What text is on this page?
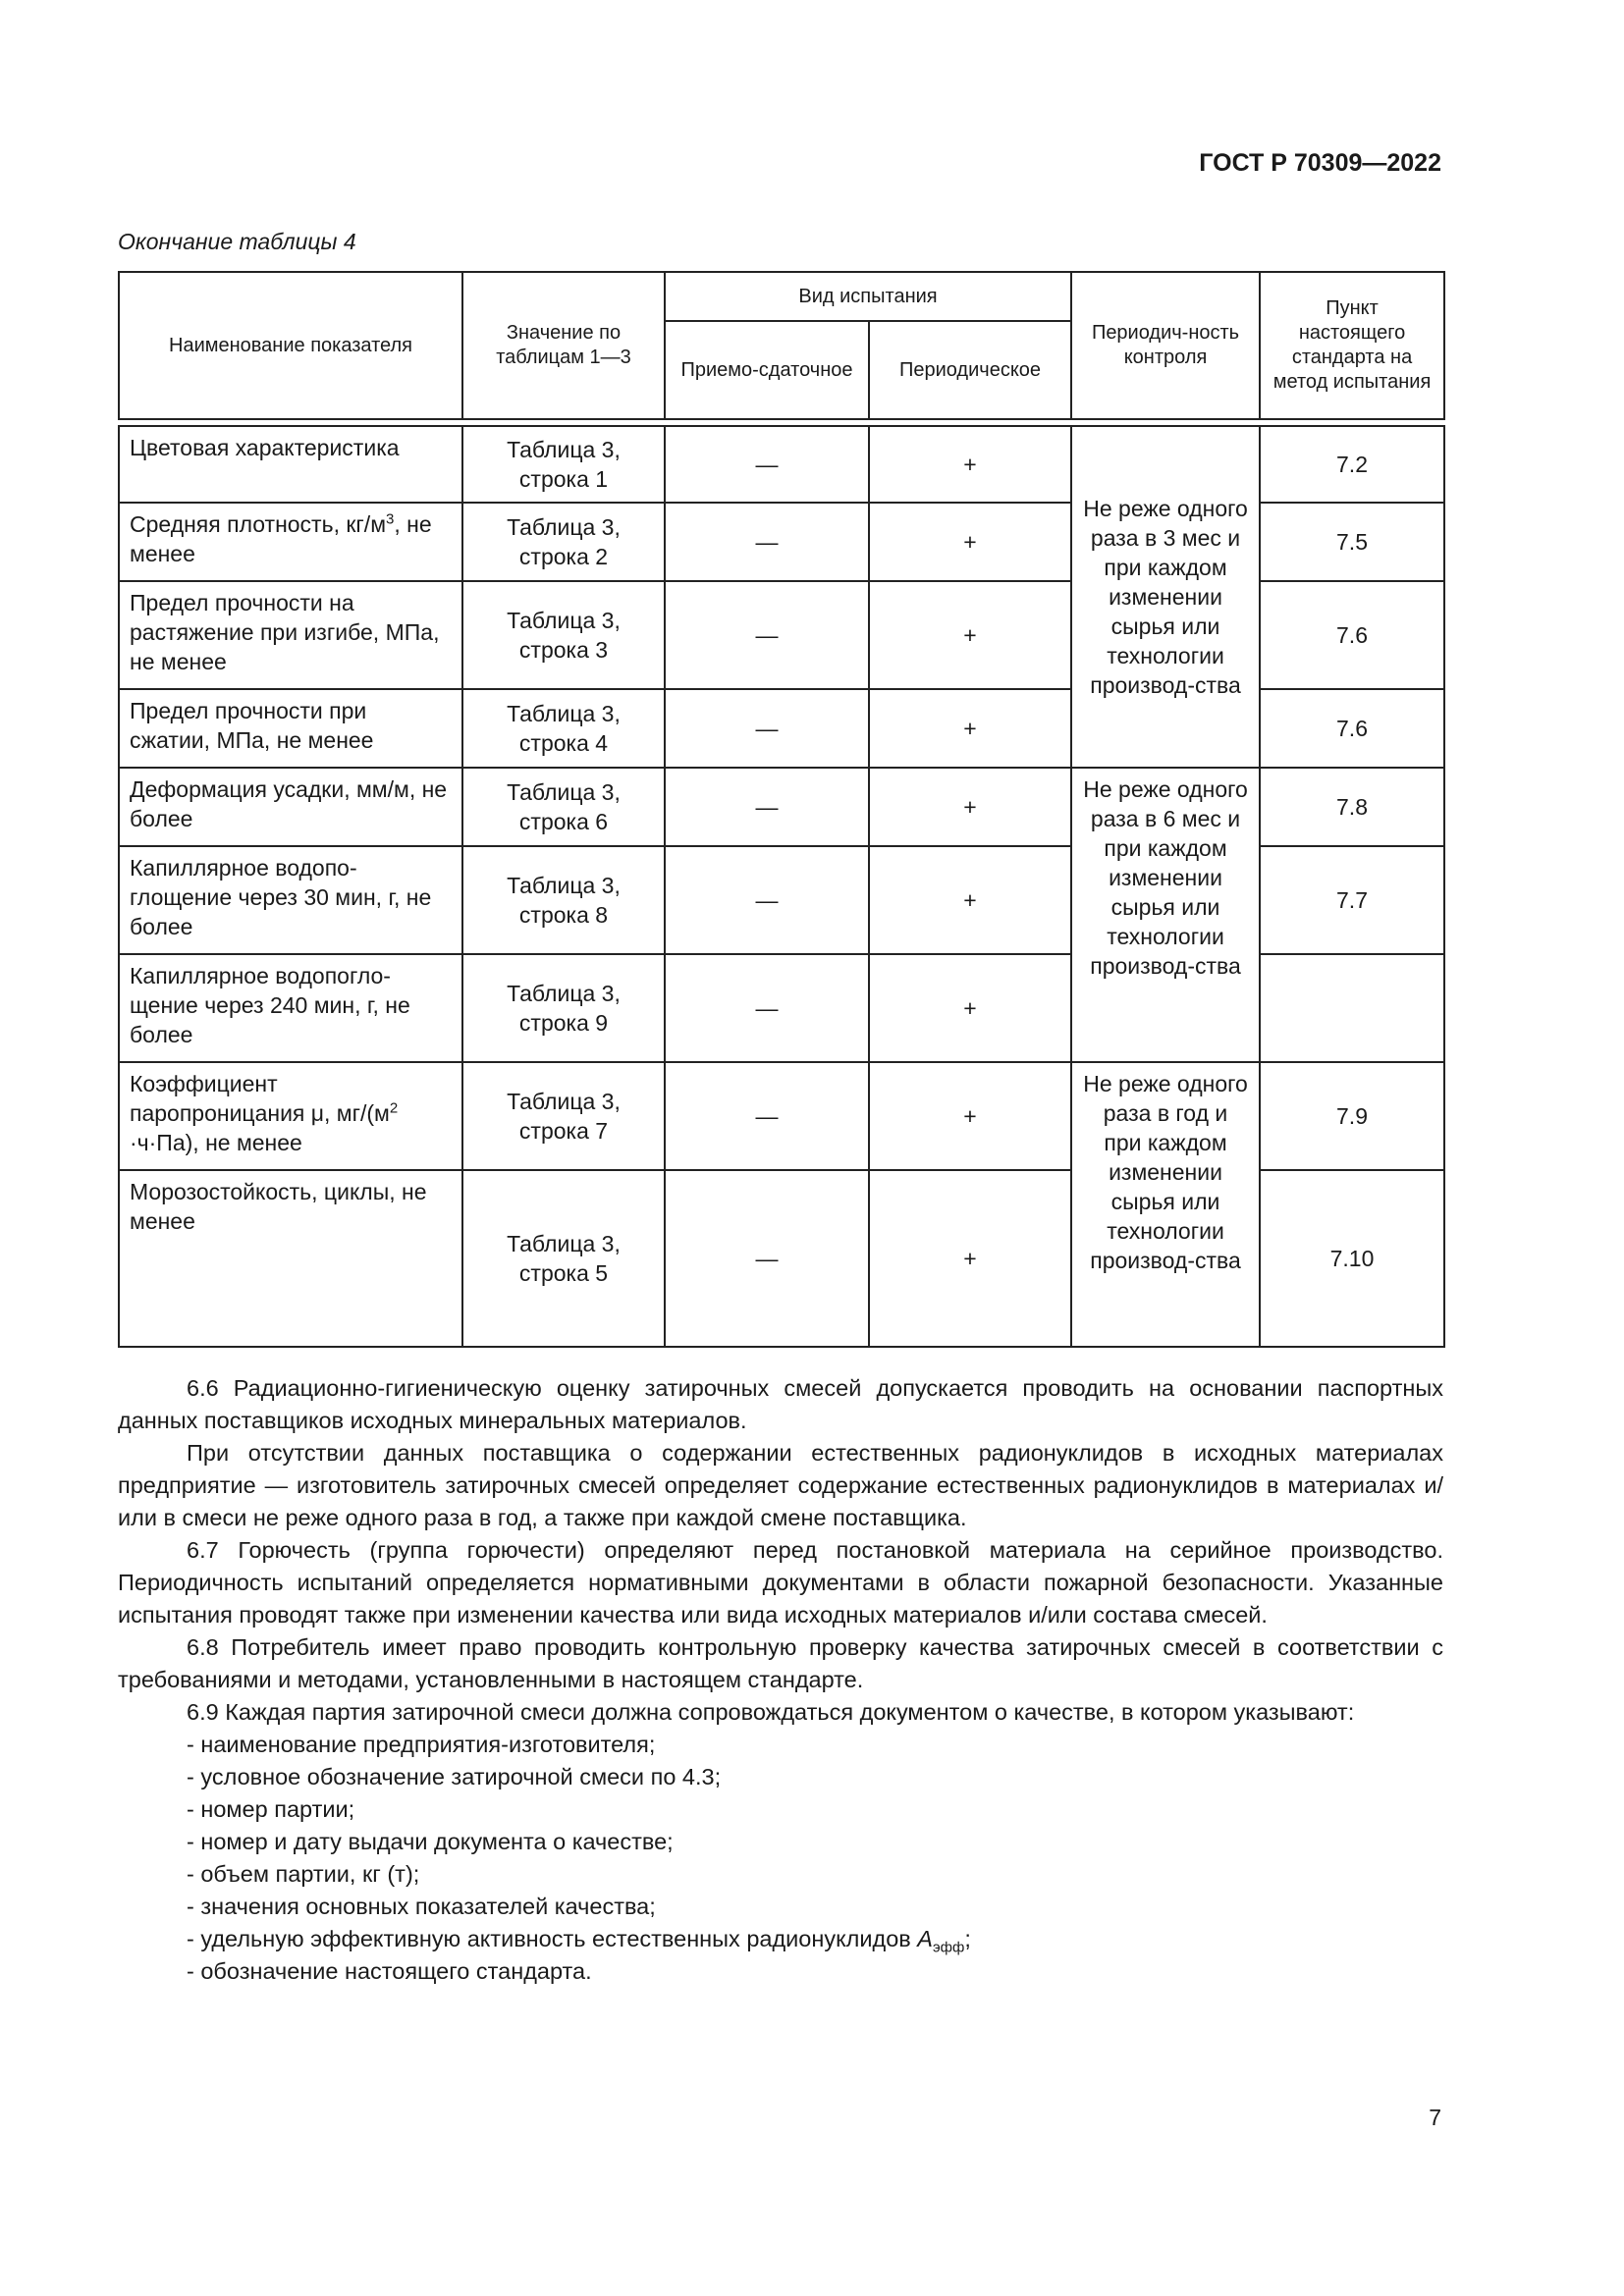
ГОСТ Р 70309—2022
Окончание таблицы 4
Наименование показателя	Значение по таблицам 1—3	Вид испытания		Периодич-ность контроля	Пункт настоящего стандарта на метод испытания
		Приемо-сдаточное	Периодическое		

Цветовая характеристика	Таблица 3, строка 1	—	+	Не реже одного раза в 3 мес и при каждом изменении сырья или технологии производ-ства	7.2
Средняя плотность, $кг/м^3$, не менее	Таблица 3, строка 2	—	+		7.5
Предел прочности на растяжение при изгибе, МПа, не менее	Таблица 3, строка 3	—	+		7.6
Предел прочности при сжатии, МПа, не менее	Таблица 3, строка 4	—	+		7.6
Деформация усадки, мм/м, не более	Таблица 3, строка 6	—	+	Не реже одного раза в 6 мес и при каждом изменении сырья или технологии производ-ства	7.8
Капиллярное водопо-глощение через 30 мин, г, не более	Таблица 3, строка 8	—	+		7.7
Капиллярное водопогло-щение через 240 мин, г, не более	Таблица 3, строка 9	—	+		
Коэффициент паропроницания μ, $мг/(м^2 \cdot ч\cdot Па)$, не менее	Таблица 3, строка 7	—	+	Не реже одного раза в год и при каждом изменении сырья или технологии производ-ства	7.9
Морозостойкость, циклы, не менее	Таблица 3, строка 5	—	+		7.10

6.6 Радиационно-гигиеническую оценку затирочных смесей допускается проводить на основании паспортных данных поставщиков исходных минеральных материалов.

При отсутствии данных поставщика о содержании естественных радионуклидов в исходных материалах предприятие — изготовитель затирочных смесей определяет содержание естественных радионуклидов в материалах и/или в смеси не реже одного раза в год, а также при каждой смене поставщика.

6.7 Горючесть (группа горючести) определяют перед постановкой материала на серийное производство. Периодичность испытаний определяется нормативными документами в области пожарной безопасности. Указанные испытания проводят также при изменении качества или вида исходных материалов и/или состава смесей.

6.8 Потребитель имеет право проводить контрольную проверку качества затирочных смесей в соответствии с требованиями и методами, установленными в настоящем стандарте.

6.9 Каждая партия затирочной смеси должна сопровождаться документом о качестве, в котором указывают:

- наименование предприятия-изготовителя;
- условное обозначение затирочной смеси по 4.3;
- номер партии;
- номер и дату выдачи документа о качестве;
- объем партии, кг (т);
- значения основных показателей качества;
- удельную эффективную активность естественных радионуклидов $A_{эфф}$;
- обозначение настоящего стандарта.
7
